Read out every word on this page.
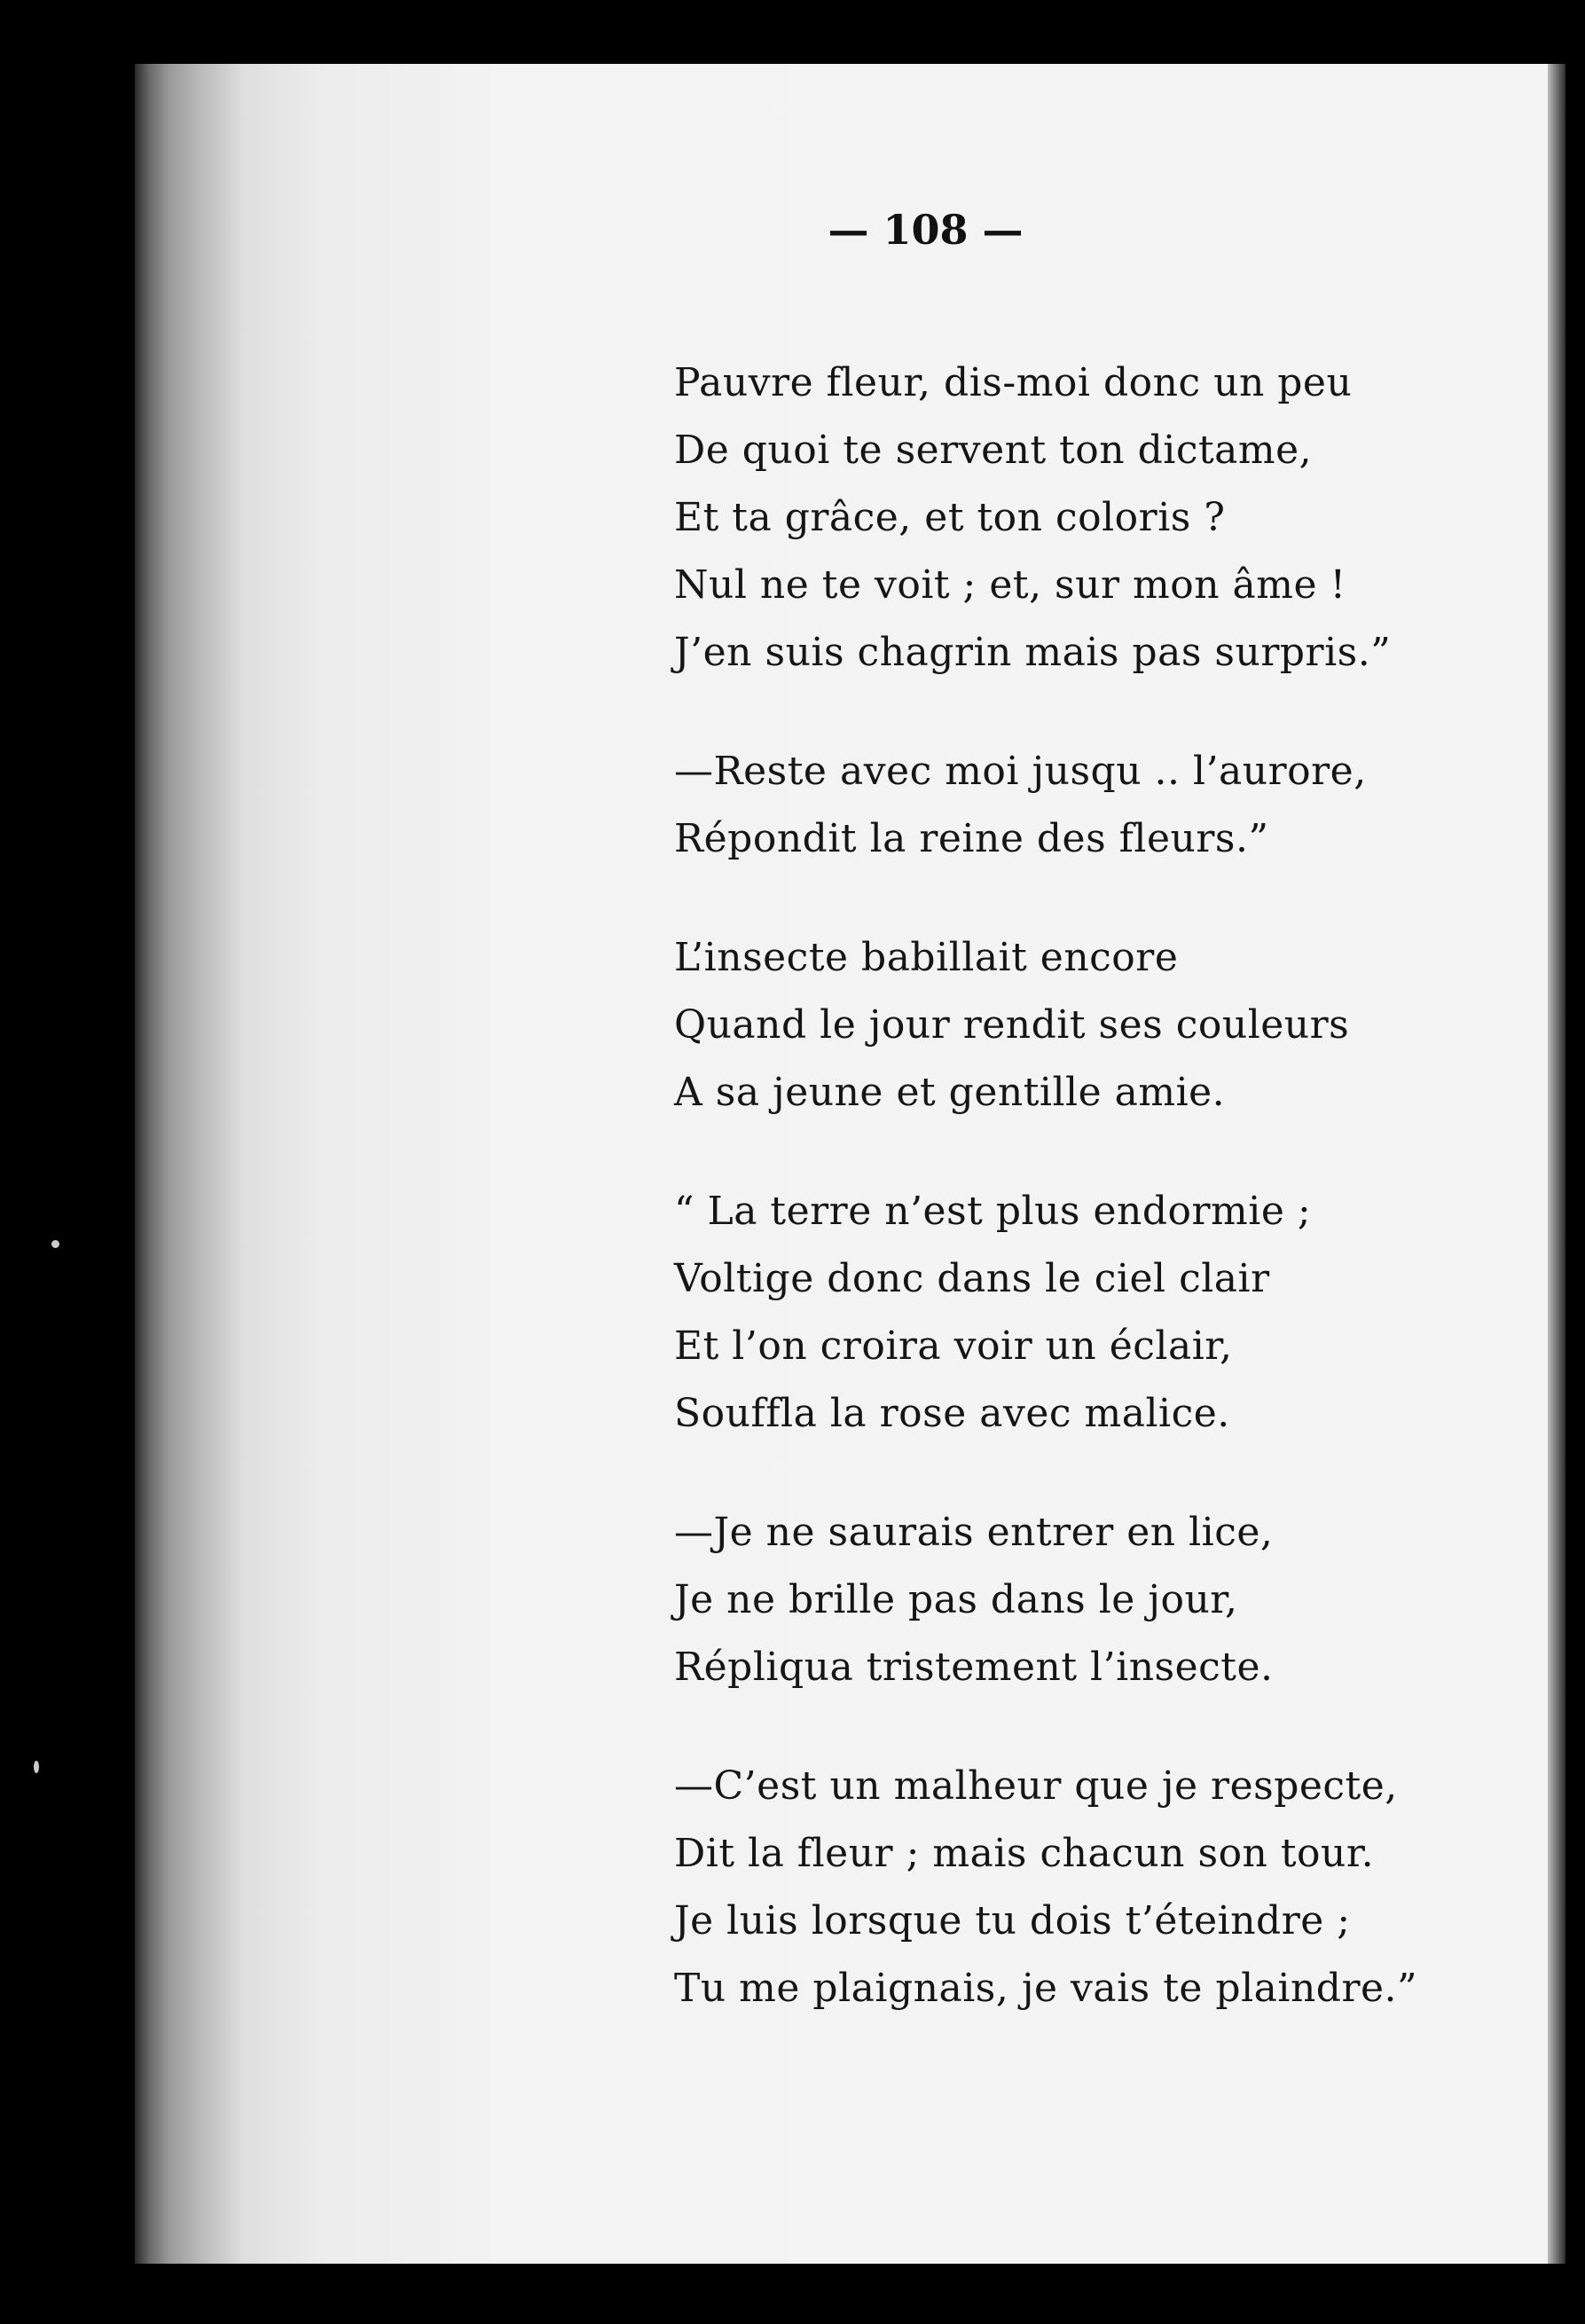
— 108 —
Pauvre fleur, dis-moi donc un peu
De quoi te servent ton dictame,
Et ta grâce, et ton coloris ?
Nul ne te voit ; et, sur mon âme !
J’en suis chagrin mais pas surpris.”
—Reste avec moi jusqu .. l’aurore,
Répondit la reine des fleurs.”
L’insecte babillait encore
Quand le jour rendit ses couleurs
A sa jeune et gentille amie.
“ La terre n’est plus endormie ;
Voltige donc dans le ciel clair
Et l’on croira voir un éclair,
Souffla la rose avec malice.
—Je ne saurais entrer en lice,
Je ne brille pas dans le jour,
Répliqua tristement l’insecte.
—C’est un malheur que je respecte,
Dit la fleur ; mais chacun son tour.
Je luis lorsque tu dois t’éteindre ;
Tu me plaignais, je vais te plaindre.”
